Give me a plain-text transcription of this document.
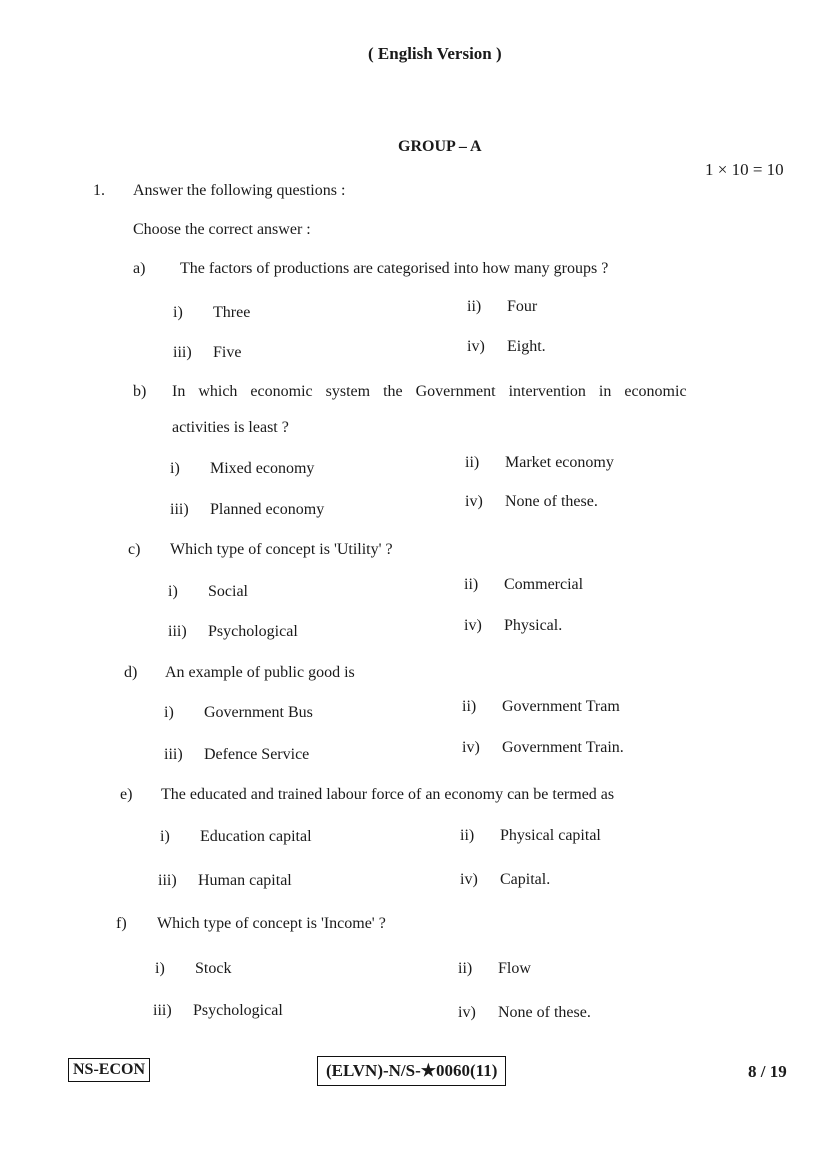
( English Version )
GROUP – A
1 × 10 = 10
1. Answer the following questions :
Choose the correct answer :
a) The factors of productions are categorised into how many groups ?
i) Three	ii) Four
iii) Five	iv) Eight.
b) In which economic system the Government intervention in economic
activities is least ?
i) Mixed economy	ii) Market economy
iii) Planned economy	iv) None of these.
c) Which type of concept is 'Utility' ?
i) Social	ii) Commercial
iii) Psychological	iv) Physical.
d) An example of public good is
i) Government Bus	ii) Government Tram
iii) Defence Service	iv) Government Train.
e) The educated and trained labour force of an economy can be termed as
i) Education capital	ii) Physical capital
iii) Human capital	iv) Capital.
f) Which type of concept is 'Income' ?
i) Stock	ii) Flow
iii) Psychological	iv) None of these.
NS-ECON	(ELVN)-N/S-★0060(11)	8 / 19
